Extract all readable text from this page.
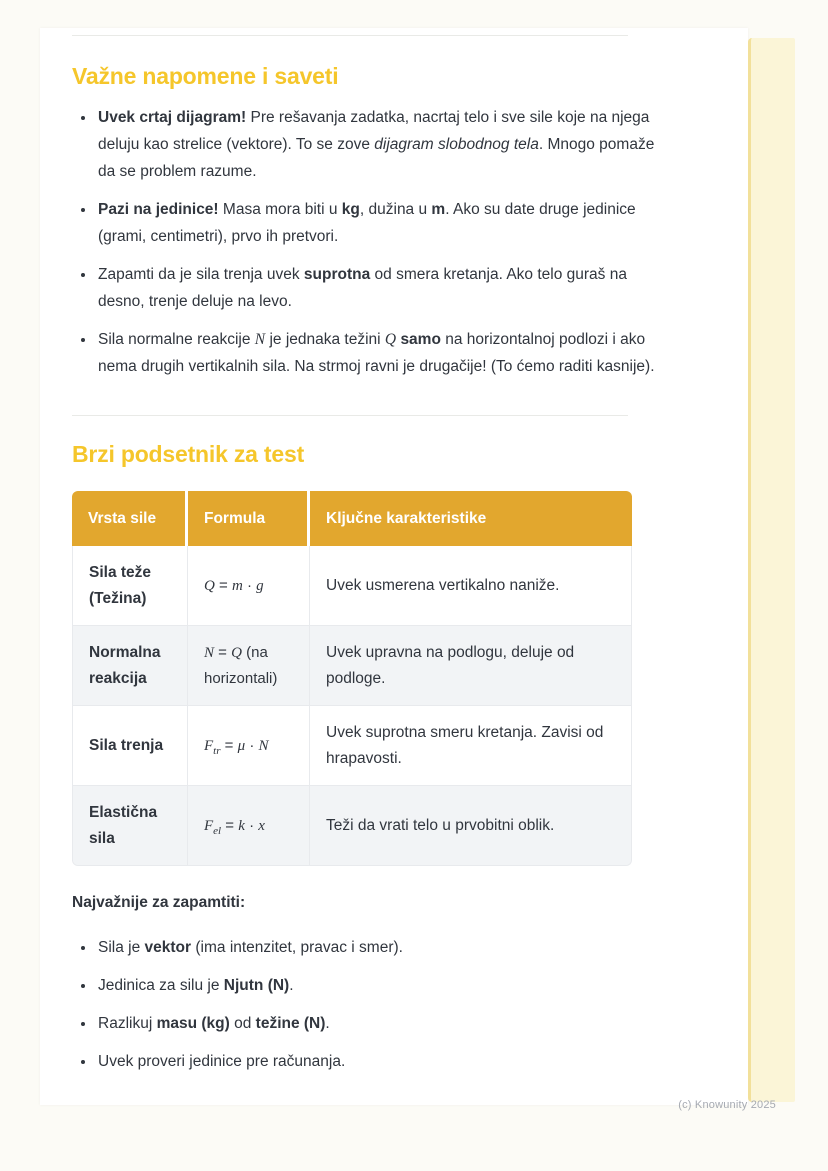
Važne napomene i saveti
• Uvek crtaj dijagram! Pre rešavanja zadatka, nacrtaj telo i sve sile koje na njega deluju kao strelice (vektore). To se zove dijagram slobodnog tela. Mnogo pomaže da se problem razume.
• Pazi na jedinice! Masa mora biti u kg, dužina u m. Ako su date druge jedinice (grami, centimetri), prvo ih pretvori.
• Zapamti da je sila trenja uvek suprotna od smera kretanja. Ako telo guraš na desno, trenje deluje na levo.
• Sila normalne reakcije N je jednaka težini Q samo na horizontalnoj podlozi i ako nema drugih vertikalnih sila. Na strmoj ravni je drugačije! (To ćemo raditi kasnije).
Brzi podsetnik za test
Vrsta sile	Formula	Ključne karakteristike
Sila teže (Težina)	Q = m · g	Uvek usmerena vertikalno naniže.
Normalna reakcija	N = Q (na horizontali)	Uvek upravna na podlogu, deluje od podloge.
Sila trenja	$F_{tr} = \mu \cdot N$	Uvek suprotna smeru kretanja. Zavisi od hrapavosti.
Elastična sila	$F_{el} = k \cdot x$	Teži da vrati telo u prvobitni oblik.

Najvažnije za zapamtiti:

• Sila je vektor (ima intenzitet, pravac i smer).
• Jedinica za silu je Njutn (N).
• Razlikuj masu (kg) od težine (N).
• Uvek proveri jedinice pre računanja.
(c) Knowunity 2025
